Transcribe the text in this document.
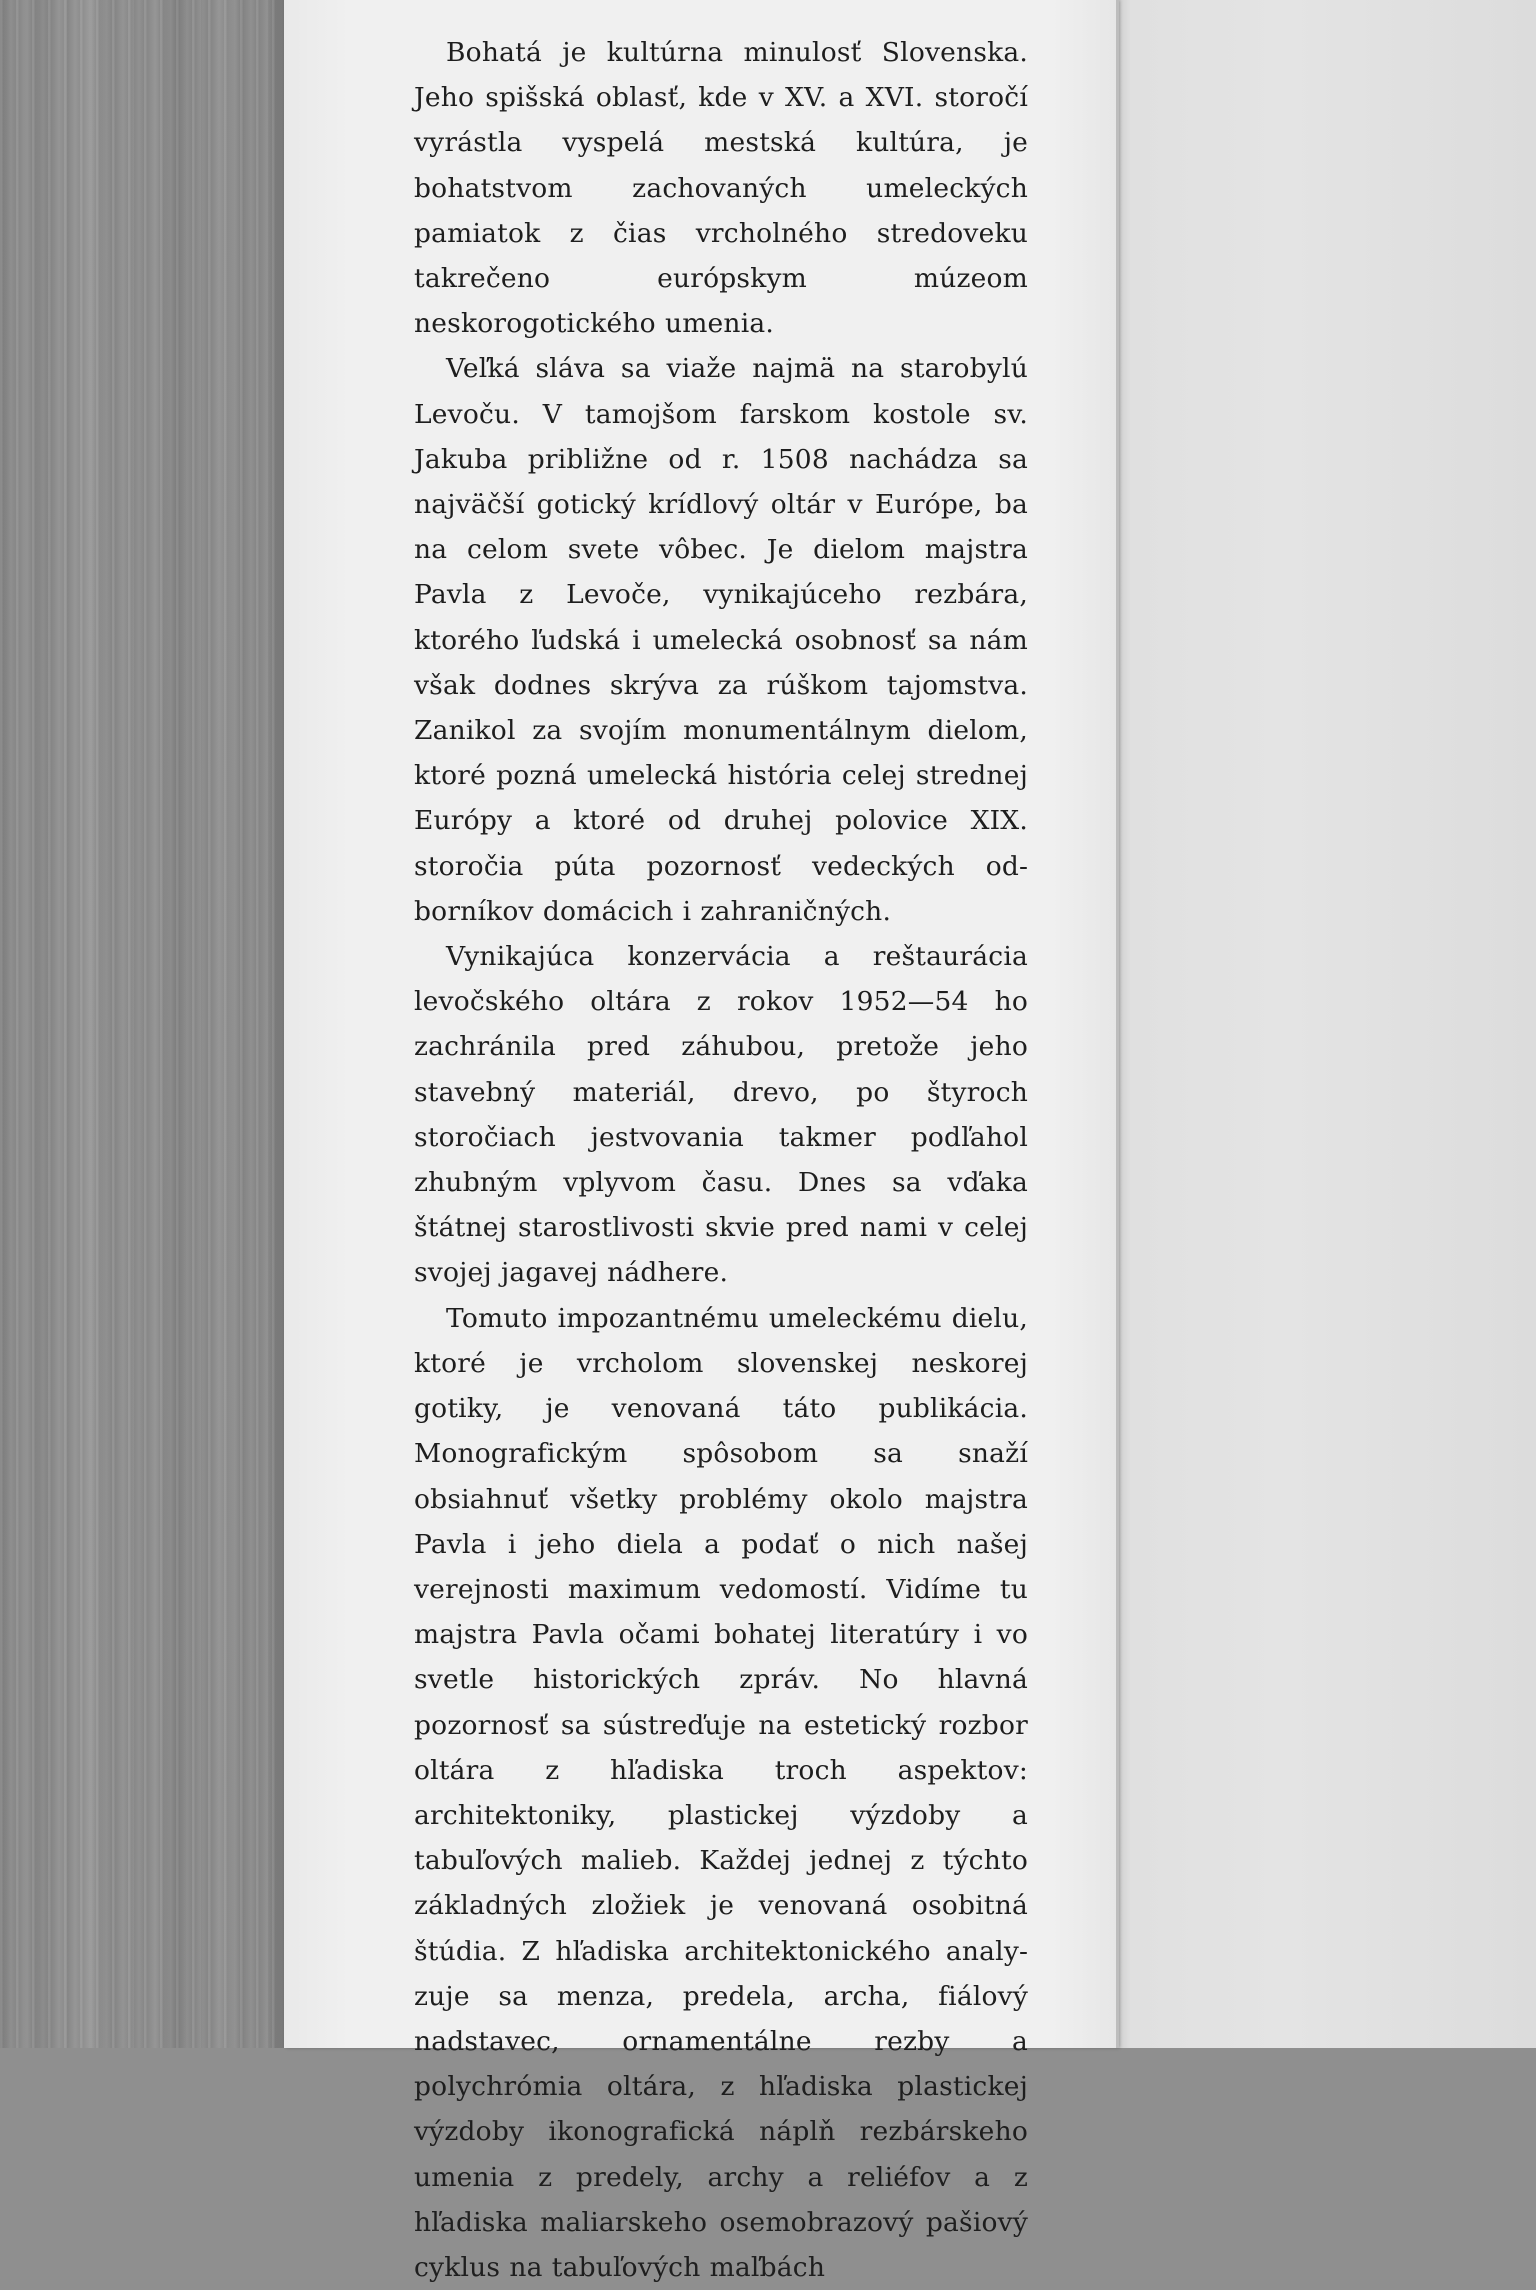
Bohatá je kultúrna minulosť Slovenska. Jeho spišská oblasť, kde v XV. a XVI. storočí vyrástla vyspelá mestská kultúra, je bohatstvom zachovaných umeleckých pamiatok z čias vrcholného stredoveku takrečeno európskym múzeom neskorogotického umenia.

Veľká sláva sa viaže najmä na starobylú Levoču. V tamojšom farskom kostole sv. Jakuba približne od r. 1508 nachádza sa najväčší gotický krídlový oltár v Európe, ba na celom svete vôbec. Je dielom majstra Pavla z Levoče, vynikajúceho rezbára, ktorého ľudská i umelecká osobnosť sa nám však dodnes skrýva za rúškom tajomstva. Zanikol za svojím monumentálnym dielom, ktoré pozná umelecká história celej strednej Európy a ktoré od druhej polovice XIX. storočia púta pozornosť vedeckých odborníkov domácich i zahraničných.

Vynikajúca konzervácia a reštaurácia levočského oltára z rokov 1952—54 ho zachránila pred záhubou, pretože jeho stavebný materiál, drevo, po štyroch storočiach jestvovania takmer podľahol zhubným vplyvom času. Dnes sa vďaka štátnej starostlivosti skvie pred nami v celej svojej jagavej nádhere.

Tomuto impozantnému umeleckému dielu, ktoré je vrcholom slovenskej neskorej gotiky, je venovaná táto publikácia. Monografickým spôsobom sa snaží obsiahnuť všetky problémy okolo majstra Pavla i jeho diela a podať o nich našej verejnosti maximum vedomostí. Vidíme tu majstra Pavla očami bohatej literatúry i vo svetle historických zpráv. No hlavná pozornosť sa sústreďuje na estetický rozbor oltára z hľadiska troch aspektov: architektoniky, plastickej výzdoby a tabuľových malieb. Každej jednej z týchto základných zložiek je venovaná osobitná štúdia. Z hľadiska architektonického analyzuje sa menza, predela, archa, fiálový nadstavec, ornamentálne rezby a polychrómia oltára, z hľadiska plastickej výzdoby ikonografická náplň rezbárskeho umenia z predely, archy a reliéfov a z hľadiska maliarskeho osemobrazový pašiový cyklus na tabuľových maľbách
